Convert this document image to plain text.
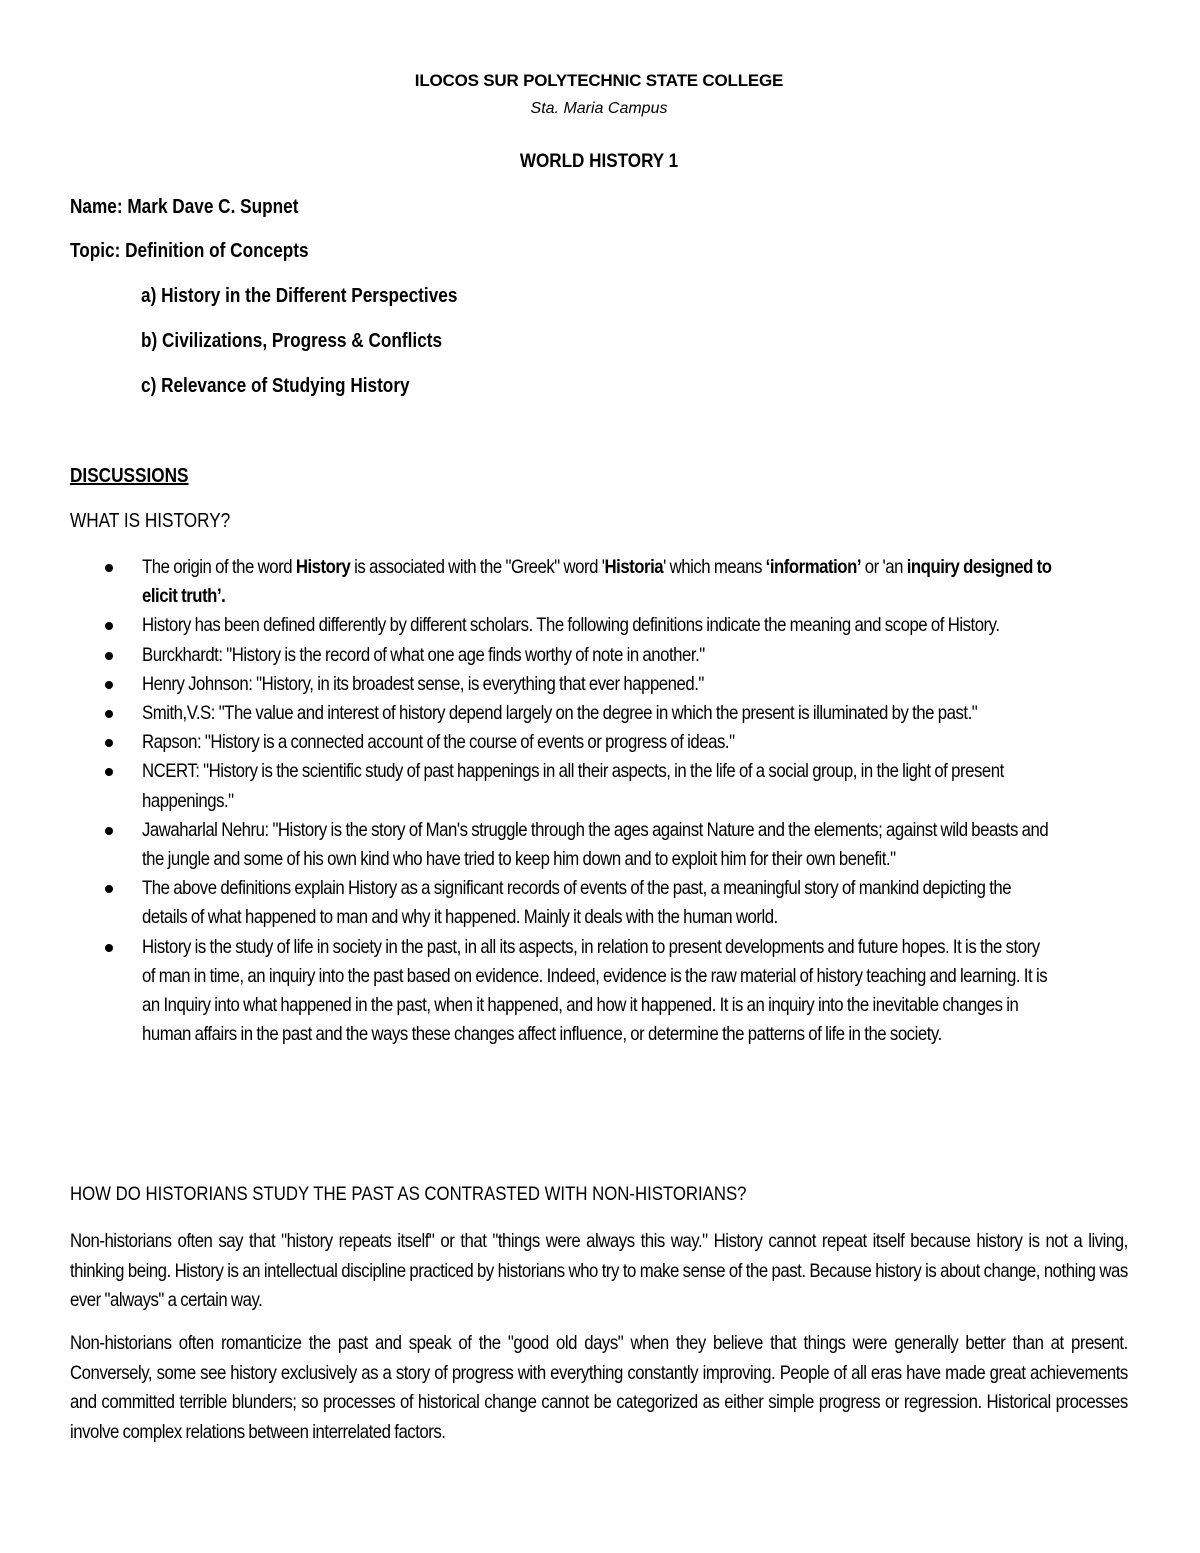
ILOCOS SUR POLYTECHNIC STATE COLLEGE
Sta. Maria Campus
WORLD HISTORY 1
Name: Mark Dave C. Supnet
Topic: Definition of Concepts
a) History in the Different Perspectives
b) Civilizations, Progress & Conflicts
c) Relevance of Studying History
DISCUSSIONS
WHAT IS HISTORY?
The origin of the word History is associated with the "Greek" word 'Historia' which means ‘information’ or 'an inquiry designed to elicit truth’.
History has been defined differently by different scholars. The following definitions indicate the meaning and scope of History.
Burckhardt: "History is the record of what one age finds worthy of note in another."
Henry Johnson: "History, in its broadest sense, is everything that ever happened."
Smith,V.S: "The value and interest of history depend largely on the degree in which the present is illuminated by the past."
Rapson: "History is a connected account of the course of events or progress of ideas."
NCERT: "History is the scientific study of past happenings in all their aspects, in the life of a social group, in the light of present happenings."
Jawaharlal Nehru: "History is the story of Man's struggle through the ages against Nature and the elements; against wild beasts and the jungle and some of his own kind who have tried to keep him down and to exploit him for their own benefit."
The above definitions explain History as a significant records of events of the past, a meaningful story of mankind depicting the details of what happened to man and why it happened. Mainly it deals with the human world.
History is the study of life in society in the past, in all its aspects, in relation to present developments and future hopes. It is the story of man in time, an inquiry into the past based on evidence. Indeed, evidence is the raw material of history teaching and learning. It is an Inquiry into what happened in the past, when it happened, and how it happened. It is an inquiry into the inevitable changes in human affairs in the past and the ways these changes affect influence, or determine the patterns of life in the society.
HOW DO HISTORIANS STUDY THE PAST AS CONTRASTED WITH NON-HISTORIANS?
Non-historians often say that "history repeats itself" or that "things were always this way." History cannot repeat itself because history is not a living, thinking being. History is an intellectual discipline practiced by historians who try to make sense of the past. Because history is about change, nothing was ever "always" a certain way.
Non-historians often romanticize the past and speak of the "good old days" when they believe that things were generally better than at present. Conversely, some see history exclusively as a story of progress with everything constantly improving. People of all eras have made great achievements and committed terrible blunders; so processes of historical change cannot be categorized as either simple progress or regression. Historical processes involve complex relations between interrelated factors.
